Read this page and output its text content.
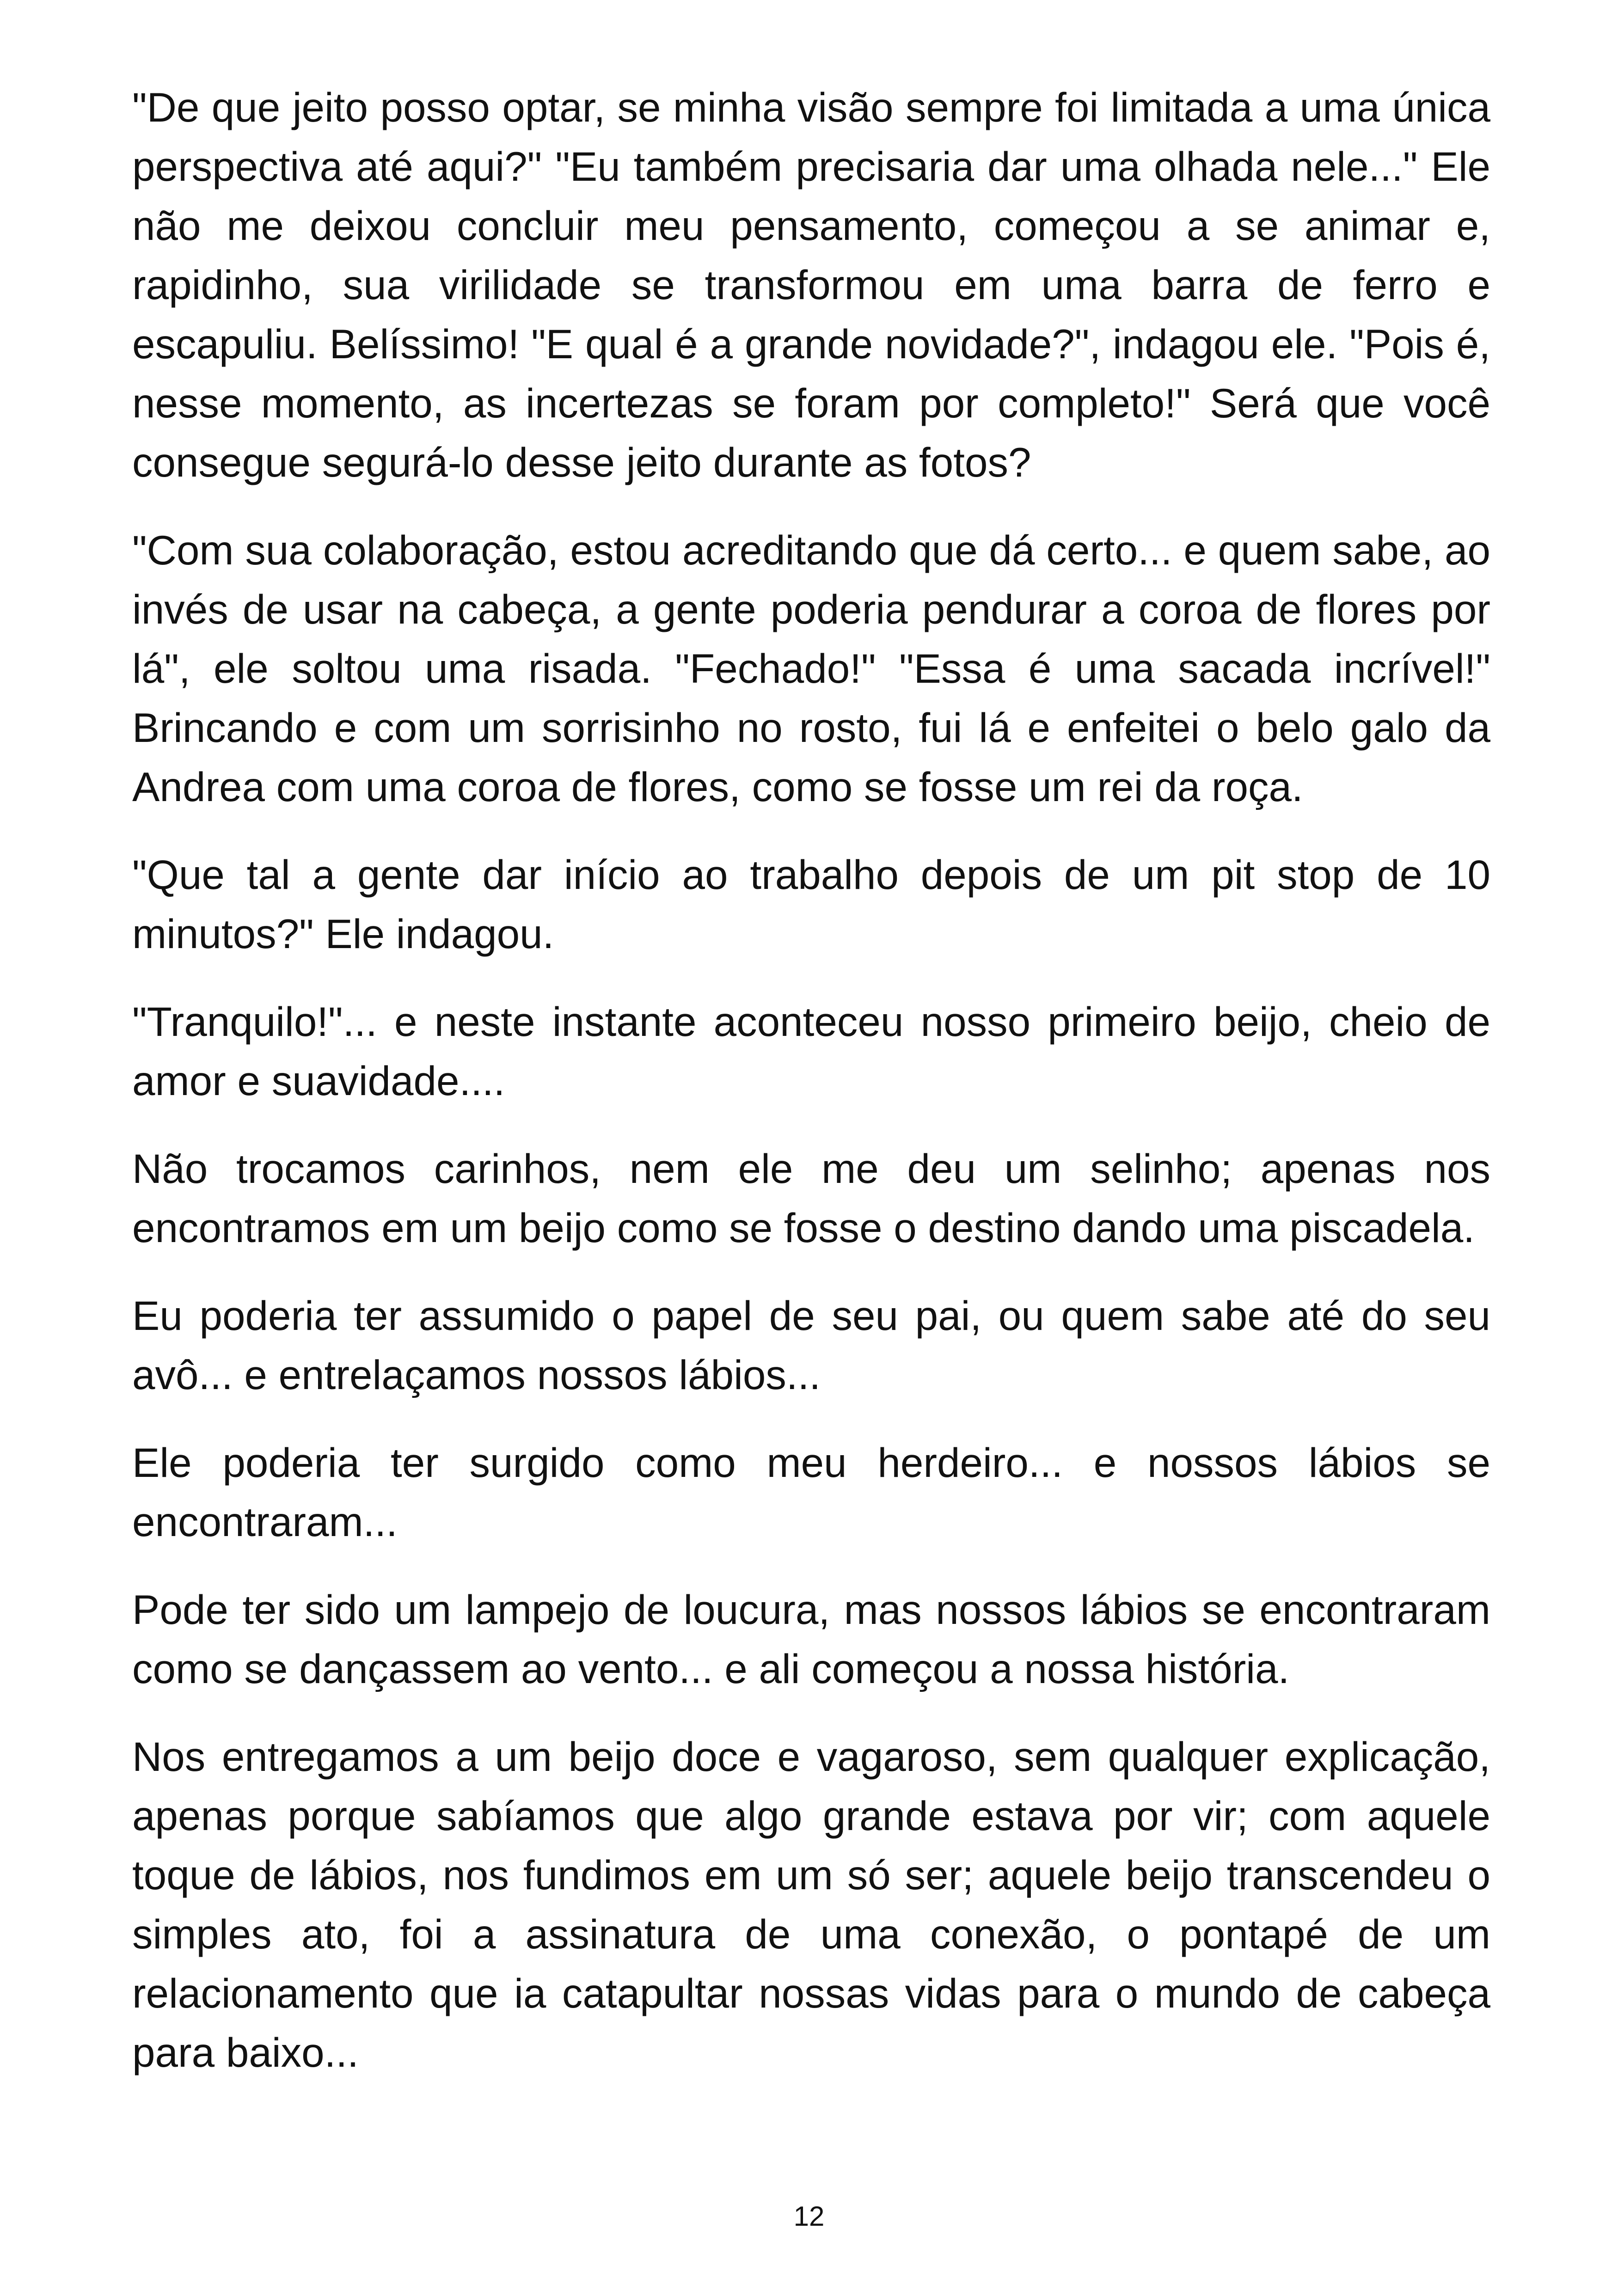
"De que jeito posso optar, se minha visão sempre foi limitada a uma única perspectiva até aqui?" "Eu também precisaria dar uma olhada nele..." Ele não me deixou concluir meu pensamento, começou a se animar e, rapidinho, sua virilidade se transformou em uma barra de ferro e escapuliu. Belíssimo! "E qual é a grande novidade?", indagou ele. "Pois é, nesse momento, as incertezas se foram por completo!" Será que você consegue segurá-lo desse jeito durante as fotos?

"Com sua colaboração, estou acreditando que dá certo... e quem sabe, ao invés de usar na cabeça, a gente poderia pendurar a coroa de flores por lá", ele soltou uma risada. "Fechado!" "Essa é uma sacada incrível!" Brincando e com um sorrisinho no rosto, fui lá e enfeitei o belo galo da Andrea com uma coroa de flores, como se fosse um rei da roça.

"Que tal a gente dar início ao trabalho depois de um pit stop de 10 minutos?" Ele indagou.

"Tranquilo!"... e neste instante aconteceu nosso primeiro beijo, cheio de amor e suavidade....

Não trocamos carinhos, nem ele me deu um selinho; apenas nos encontramos em um beijo como se fosse o destino dando uma piscadela.

Eu poderia ter assumido o papel de seu pai, ou quem sabe até do seu avô... e entrelaçamos nossos lábios...

Ele poderia ter surgido como meu herdeiro... e nossos lábios se encontraram...

Pode ter sido um lampejo de loucura, mas nossos lábios se encontraram como se dançassem ao vento... e ali começou a nossa história.

Nos entregamos a um beijo doce e vagaroso, sem qualquer explicação, apenas porque sabíamos que algo grande estava por vir; com aquele toque de lábios, nos fundimos em um só ser; aquele beijo transcendeu o simples ato, foi a assinatura de uma conexão, o pontapé de um relacionamento que ia catapultar nossas vidas para o mundo de cabeça para baixo...

12
